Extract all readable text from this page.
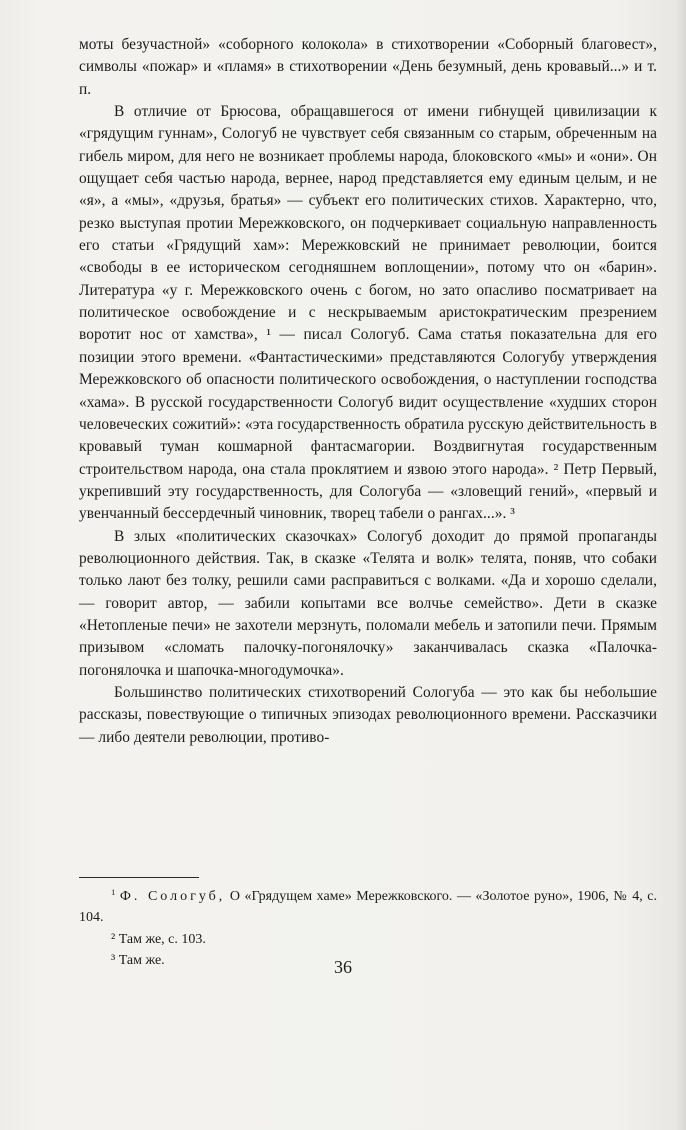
моты безучастной» «соборного колокола» в стихотворении «Соборный благовест», символы «пожар» и «пламя» в стихотворении «День безумный, день кровавый...» и т. п.

В отличие от Брюсова, обращавшегося от имени гибнущей цивилизации к «грядущим гуннам», Сологуб не чувствует себя связанным со старым, обреченным на гибель миром, для него не возникает проблемы народа, блоковского «мы» и «они». Он ощущает себя частью народа, вернее, народ представляется ему единым целым, и не «я», а «мы», «друзья, братья» — субъект его политических стихов. Характерно, что, резко выступая протии Мережковского, он подчеркивает социальную направленность его статьи «Грядущий хам»: Мережковский не принимает революции, боится «свободы в ее историческом сегодняшнем воплощении», потому что он «барин». Литература «у г. Мережковского очень с богом, но зато опасливо посматривает на политическое освобождение и с нескрываемым аристократическим презрением воротит нос от хамства», ¹ — писал Сологуб. Сама статья показательна для его позиции этого времени. «Фантастическими» представляются Сологубу утверждения Мережковского об опасности политического освобождения, о наступлении господства «хама». В русской государственности Сологуб видит осуществление «худших сторон человеческих сожитий»: «эта государственность обратила русскую действительность в кровавый туман кошмарной фантасмагории. Воздвигнутая государственным строительством народа, она стала проклятием и язвою этого народа». ² Петр Первый, укрепивший эту государственность, для Сологуба — «зловещий гений», «первый и увенчанный бессердечный чиновник, творец табели о рангах...». ³

В злых «политических сказочках» Сологуб доходит до прямой пропаганды революционного действия. Так, в сказке «Телята и волк» телята, поняв, что собаки только лают без толку, решили сами расправиться с волками. «Да и хорошо сделали, — говорит автор, — забили копытами все волчье семейство». Дети в сказке «Нетопленые печи» не захотели мерзнуть, поломали мебель и затопили печи. Прямым призывом «сломать палочку-погонялочку» заканчивалась сказка «Палочка-погонялочка и шапочка-многодумочка».

Большинство политических стихотворений Сологуба — это как бы небольшие рассказы, повествующие о типичных эпизодах революционного времени. Рассказчики — либо деятели революции, противо-

$^1$ Ф. Сологуб, О «Грядущем хаме» Мережковского. — «Золотое руно», 1906, № 4, с. 104.

² Там же, с. 103.

³ Там же.	36
